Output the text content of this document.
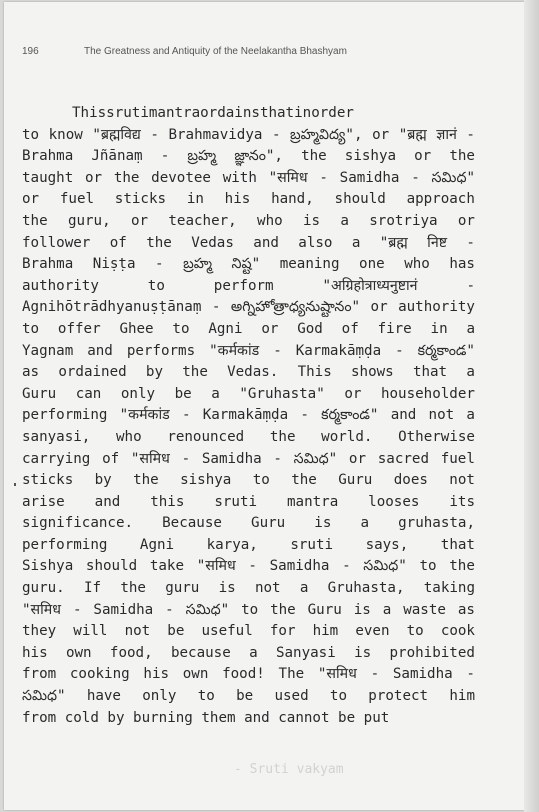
196	The Greatness and Antiquity of the Neelakantha Bhashyam
- Sruti vakyam
This sruti mantra ordains that in order
to know "ब्रह्मविद्य - Brahmavidya - బ్రహ్మవిద్య", or "ब्रह्म ज्ञानं -
Brahma Jñānaṃ - బ్రహ్మ జ్ఞానం", the sishya or the
taught or the devotee with "समिध - Samidha - సమిధ"
or fuel sticks in his hand, should approach
the guru, or teacher, who is a srotriya or
follower of the Vedas and also a "ब्रह्म निष्ट -
Brahma Niṣṭa - బ్రహ్మ నిష్ట" meaning one who has
authority	to	perform	"अग्रिहोत्राध्यनुष्टानं	-
Agnihōtrādhyanuṣṭānaṃ - అగ్నిహోత్రాధ్యనుష్టానం" or authority
to offer Ghee to Agni or God of fire in a
Yagnam and performs "कर्मकांड - Karmakāṃḍa - కర్మకాండ"
as ordained by the Vedas. This shows that a
Guru can only be a "Gruhasta" or householder
performing "कर्मकांड - Karmakāṃḍa - కర్మకాండ" and not a
sanyasi, who renounced the world. Otherwise
carrying of "समिध - Samidha - సమిధ" or sacred fuel
sticks by the sishya to the Guru does not
arise and this sruti mantra looses its
significance. Because Guru is a gruhasta,
performing Agni karya, sruti says, that
Sishya should take "समिध - Samidha - సమిధ" to the
guru. If the guru is not a Gruhasta, taking
"समिध - Samidha - సమిధ" to the Guru is a waste as
they will not be useful for him even to cook
his own food, because a Sanyasi is prohibited
from cooking his own food! The "समिध - Samidha -
సమిధ" have only to be used to protect him
from cold by burning them and cannot be put
